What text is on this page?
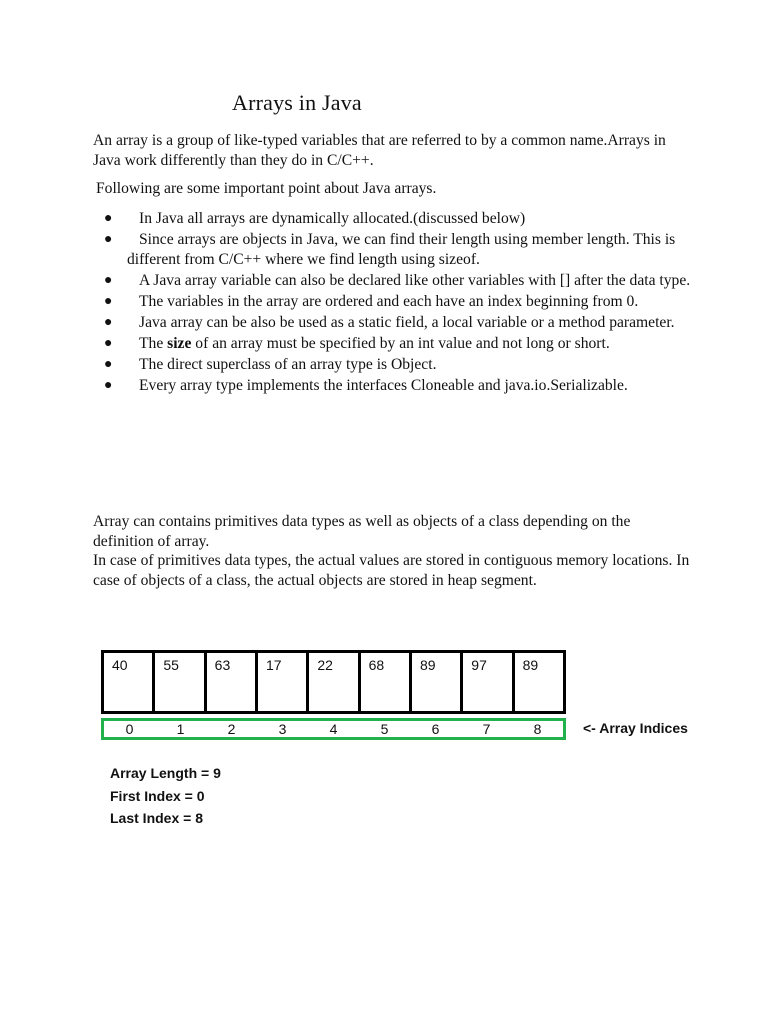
Arrays in Java

An array is a group of like-typed variables that are referred to by a common name.Arrays in Java work differently than they do in C/C++.

Following are some important point about Java arrays.

●	In Java all arrays are dynamically allocated.(discussed below)
●	Since arrays are objects in Java, we can find their length using member length. This is different from C/C++ where we find length using sizeof.
●	A Java array variable can also be declared like other variables with [] after the data type.
●	The variables in the array are ordered and each have an index beginning from 0.
●	Java array can be also be used as a static field, a local variable or a method parameter.
●	The size of an array must be specified by an int value and not long or short.
●	The direct superclass of an array type is Object.
●	Every array type implements the interfaces Cloneable and java.io.Serializable.

Array can contains primitives data types as well as objects of a class depending on the definition of array.

In case of primitives data types, the actual values are stored in contiguous memory locations. In case of objects of a class, the actual objects are stored in heap segment.

40	55	63	17	22	68	89	97	89
0	1	2	3	4	5	6	7	8	<- Array Indices
Array Length = 9
First Index = 0
Last Index = 8
